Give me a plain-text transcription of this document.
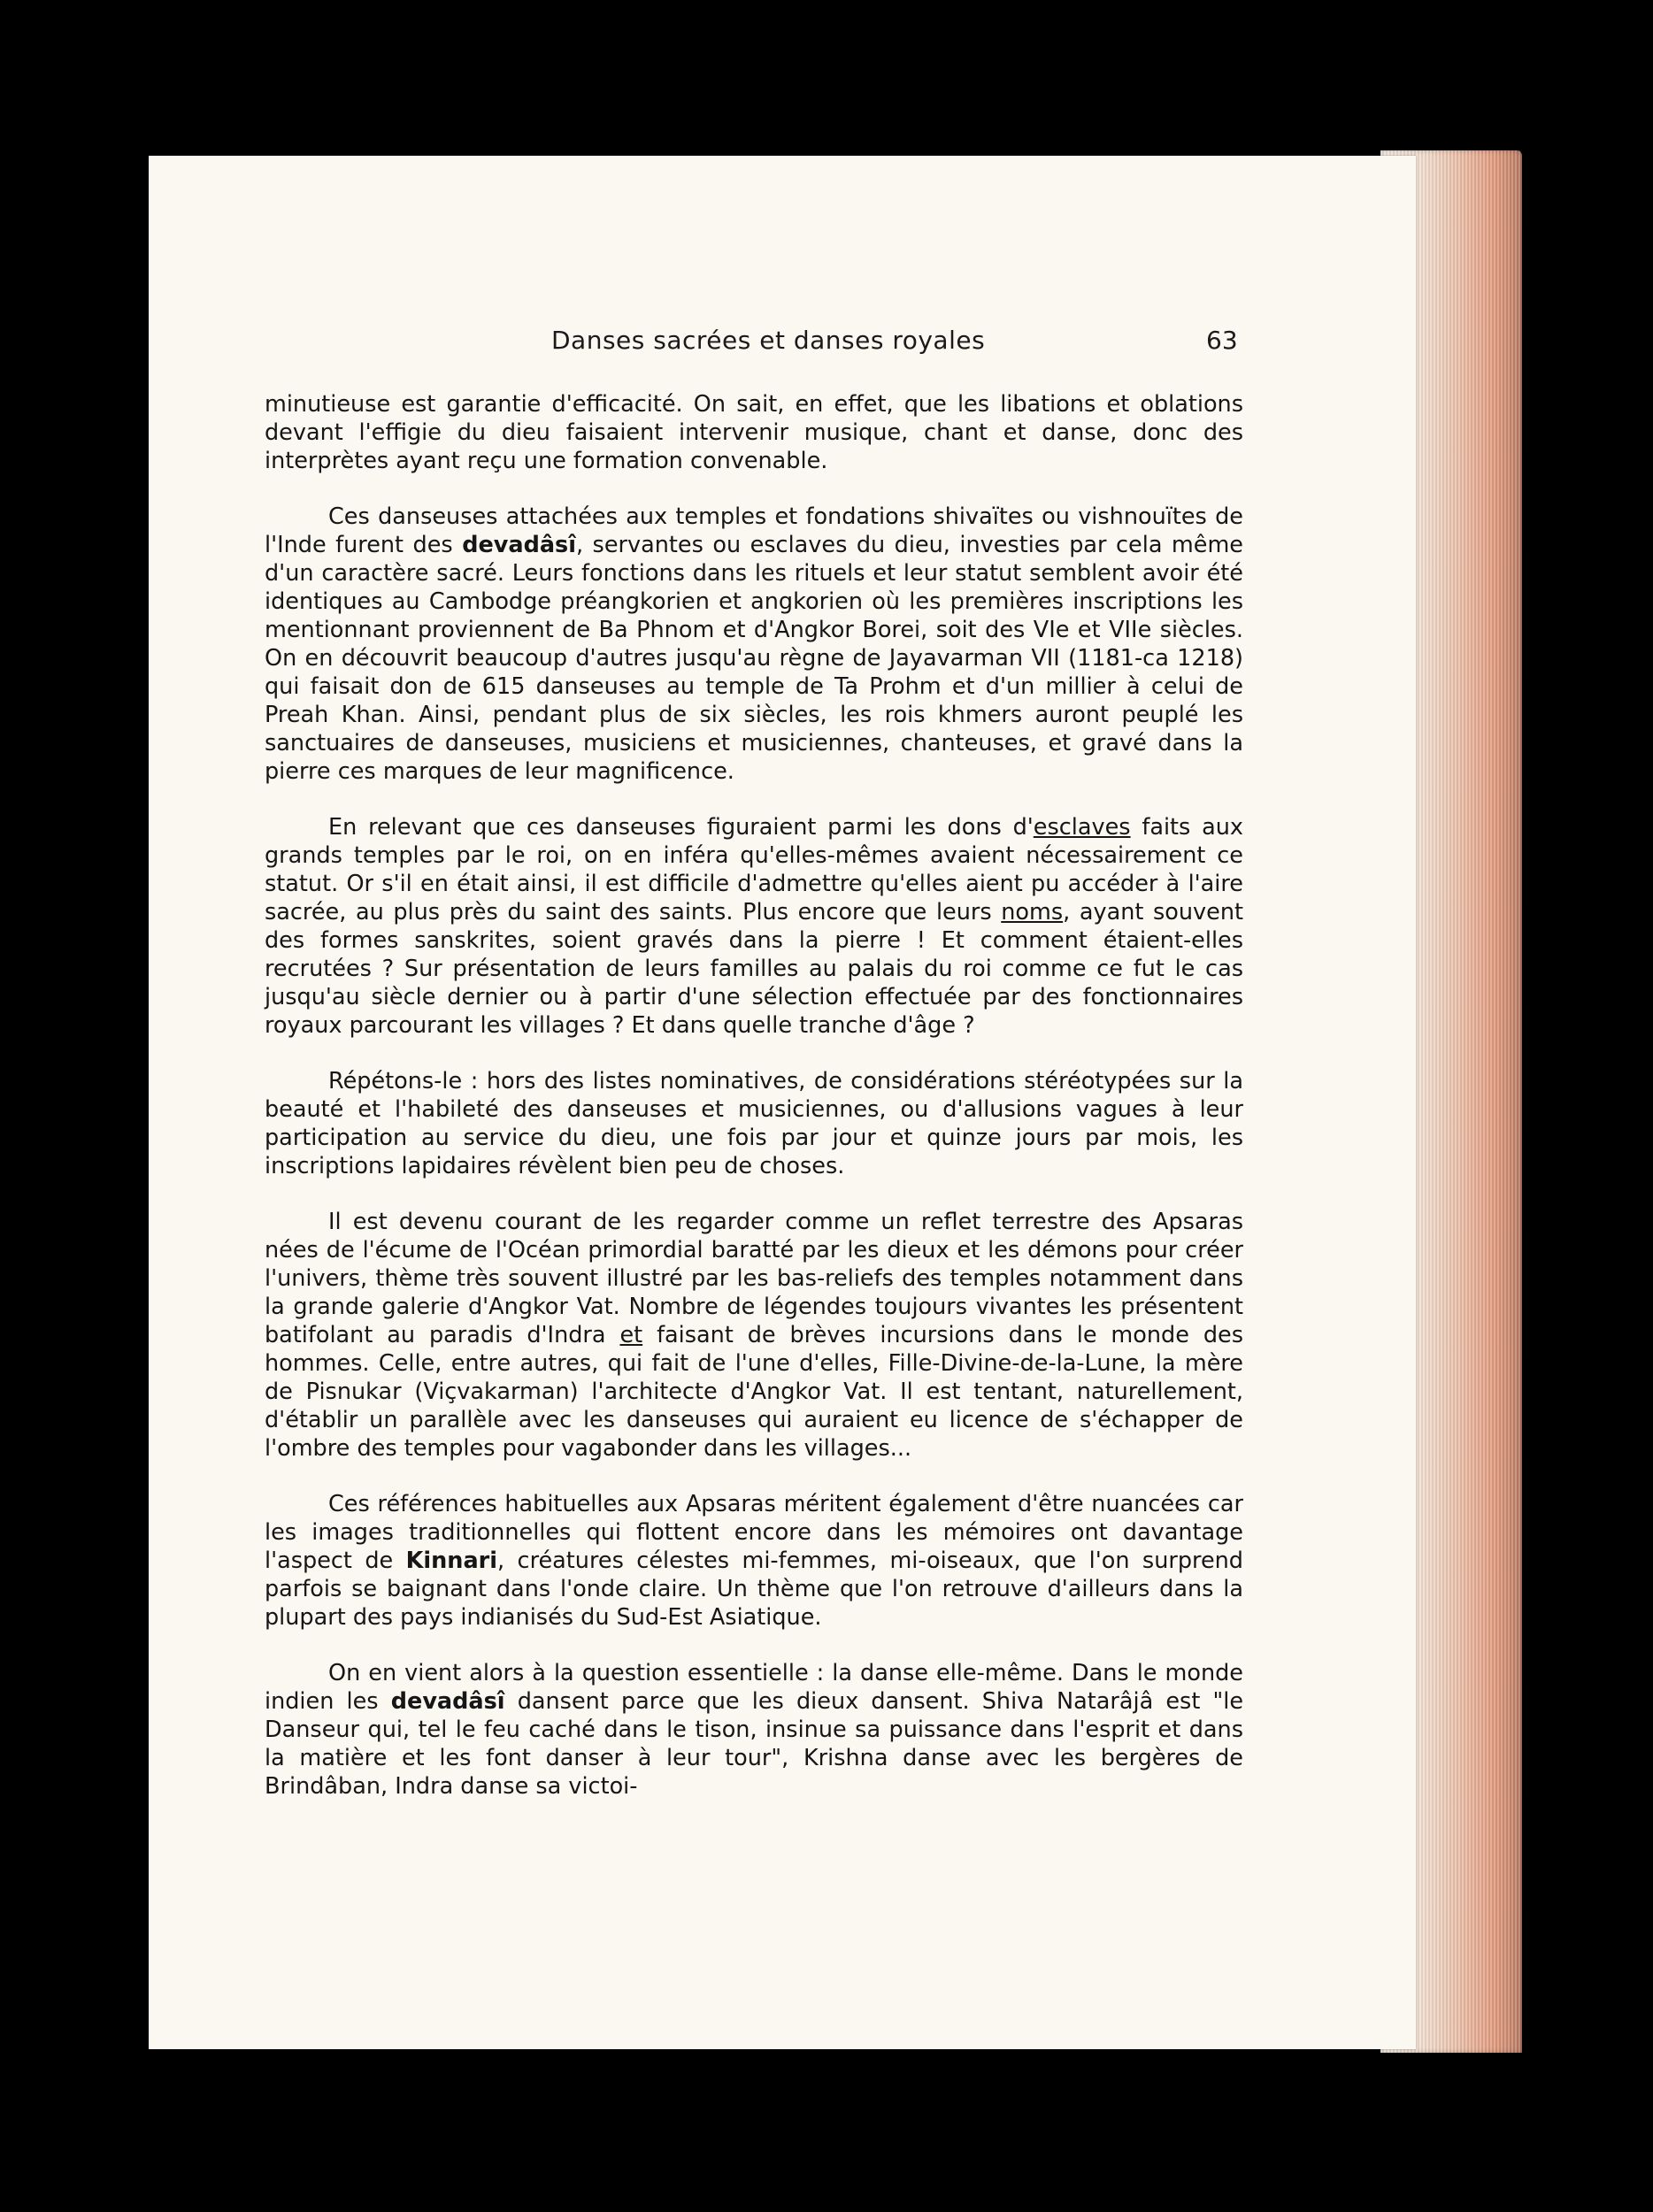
Danses sacrées et danses royales	63

minutieuse est garantie d'efficacité. On sait, en effet, que les libations et oblations devant l'effigie du dieu faisaient intervenir musique, chant et danse, donc des interprètes ayant reçu une formation convenable.

Ces danseuses attachées aux temples et fondations shivaïtes ou vishnouïtes de l'Inde furent des devadâsî, servantes ou esclaves du dieu, investies par cela même d'un caractère sacré. Leurs fonctions dans les rituels et leur statut semblent avoir été identiques au Cambodge préangkorien et angkorien où les premières inscriptions les mentionnant proviennent de Ba Phnom et d'Angkor Borei, soit des VIe et VIIe siècles. On en découvrit beaucoup d'autres jusqu'au règne de Jayavarman VII (1181-ca 1218) qui faisait don de 615 danseuses au temple de Ta Prohm et d'un millier à celui de Preah Khan. Ainsi, pendant plus de six siècles, les rois khmers auront peuplé les sanctuaires de danseuses, musiciens et musiciennes, chanteuses, et gravé dans la pierre ces marques de leur magnificence.

En relevant que ces danseuses figuraient parmi les dons d'esclaves faits aux grands temples par le roi, on en inféra qu'elles-mêmes avaient nécessairement ce statut. Or s'il en était ainsi, il est difficile d'admettre qu'elles aient pu accéder à l'aire sacrée, au plus près du saint des saints. Plus encore que leurs noms, ayant souvent des formes sanskrites, soient gravés dans la pierre ! Et comment étaient-elles recrutées ? Sur présentation de leurs familles au palais du roi comme ce fut le cas jusqu'au siècle dernier ou à partir d'une sélection effectuée par des fonctionnaires royaux parcourant les villages ? Et dans quelle tranche d'âge ?

Répétons-le : hors des listes nominatives, de considérations stéréotypées sur la beauté et l'habileté des danseuses et musiciennes, ou d'allusions vagues à leur participation au service du dieu, une fois par jour et quinze jours par mois, les inscriptions lapidaires révèlent bien peu de choses.

Il est devenu courant de les regarder comme un reflet terrestre des Apsaras nées de l'écume de l'Océan primordial baratté par les dieux et les démons pour créer l'univers, thème très souvent illustré par les bas-reliefs des temples notamment dans la grande galerie d'Angkor Vat. Nombre de légendes toujours vivantes les présentent batifolant au paradis d'Indra et faisant de brèves incursions dans le monde des hommes. Celle, entre autres, qui fait de l'une d'elles, Fille-Divine-de-la-Lune, la mère de Pisnukar (Viçvakarman) l'architecte d'Angkor Vat. Il est tentant, naturellement, d'établir un parallèle avec les danseuses qui auraient eu licence de s'échapper de l'ombre des temples pour vagabonder dans les villages...

Ces références habituelles aux Apsaras méritent également d'être nuancées car les images traditionnelles qui flottent encore dans les mémoires ont davantage l'aspect de Kinnari, créatures célestes mi-femmes, mi-oiseaux, que l'on surprend parfois se baignant dans l'onde claire. Un thème que l'on retrouve d'ailleurs dans la plupart des pays indianisés du Sud-Est Asiatique.

On en vient alors à la question essentielle : la danse elle-même. Dans le monde indien les devadâsî dansent parce que les dieux dansent. Shiva Natarâjâ est "le Danseur qui, tel le feu caché dans le tison, insinue sa puissance dans l'esprit et dans la matière et les font danser à leur tour", Krishna danse avec les bergères de Brindâban, Indra danse sa victoi-
